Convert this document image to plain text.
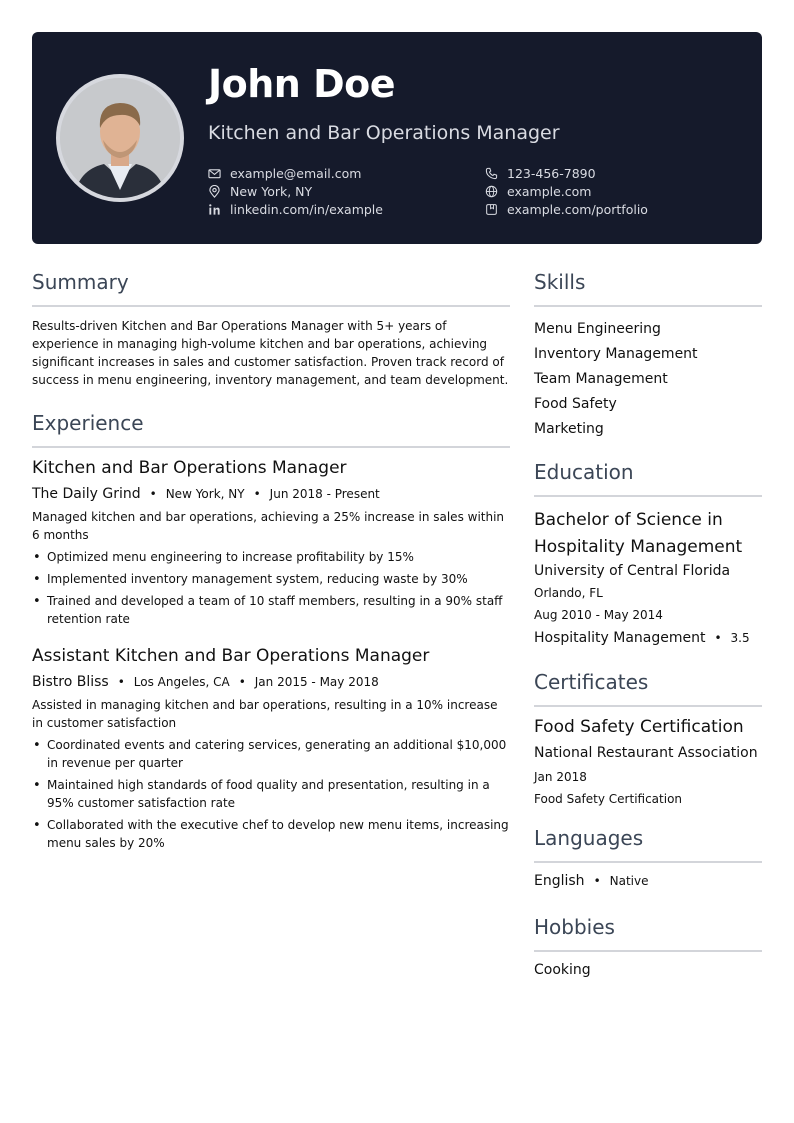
John Doe
Kitchen and Bar Operations Manager
example@email.com
New York, NY
linkedin.com/in/example
123-456-7890
example.com
example.com/portfolio
Summary

Results-driven Kitchen and Bar Operations Manager with 5+ years of experience in managing high-volume kitchen and bar operations, achieving significant increases in sales and customer satisfaction. Proven track record of success in menu engineering, inventory management, and team development.

Experience
Kitchen and Bar Operations Manager
The Daily Grind • New York, NY • Jun 2018 - Present
Managed kitchen and bar operations, achieving a 25% increase in sales within 6 months
• Optimized menu engineering to increase profitability by 15%
• Implemented inventory management system, reducing waste by 30%
• Trained and developed a team of 10 staff members, resulting in a 90% staff retention rate
Assistant Kitchen and Bar Operations Manager
Bistro Bliss • Los Angeles, CA • Jan 2015 - May 2018
Assisted in managing kitchen and bar operations, resulting in a 10% increase in customer satisfaction
• Coordinated events and catering services, generating an additional $10,000 in revenue per quarter
• Maintained high standards of food quality and presentation, resulting in a 95% customer satisfaction rate
• Collaborated with the executive chef to develop new menu items, increasing menu sales by 20%
Skills
Menu Engineering
Inventory Management
Team Management
Food Safety
Marketing
Education
Bachelor of Science in Hospitality Management
University of Central Florida
Orlando, FL
Aug 2010 - May 2014
Hospitality Management • 3.5
Certificates
Food Safety Certification
National Restaurant Association
Jan 2018
Food Safety Certification
Languages
English • Native
Hobbies
Cooking
